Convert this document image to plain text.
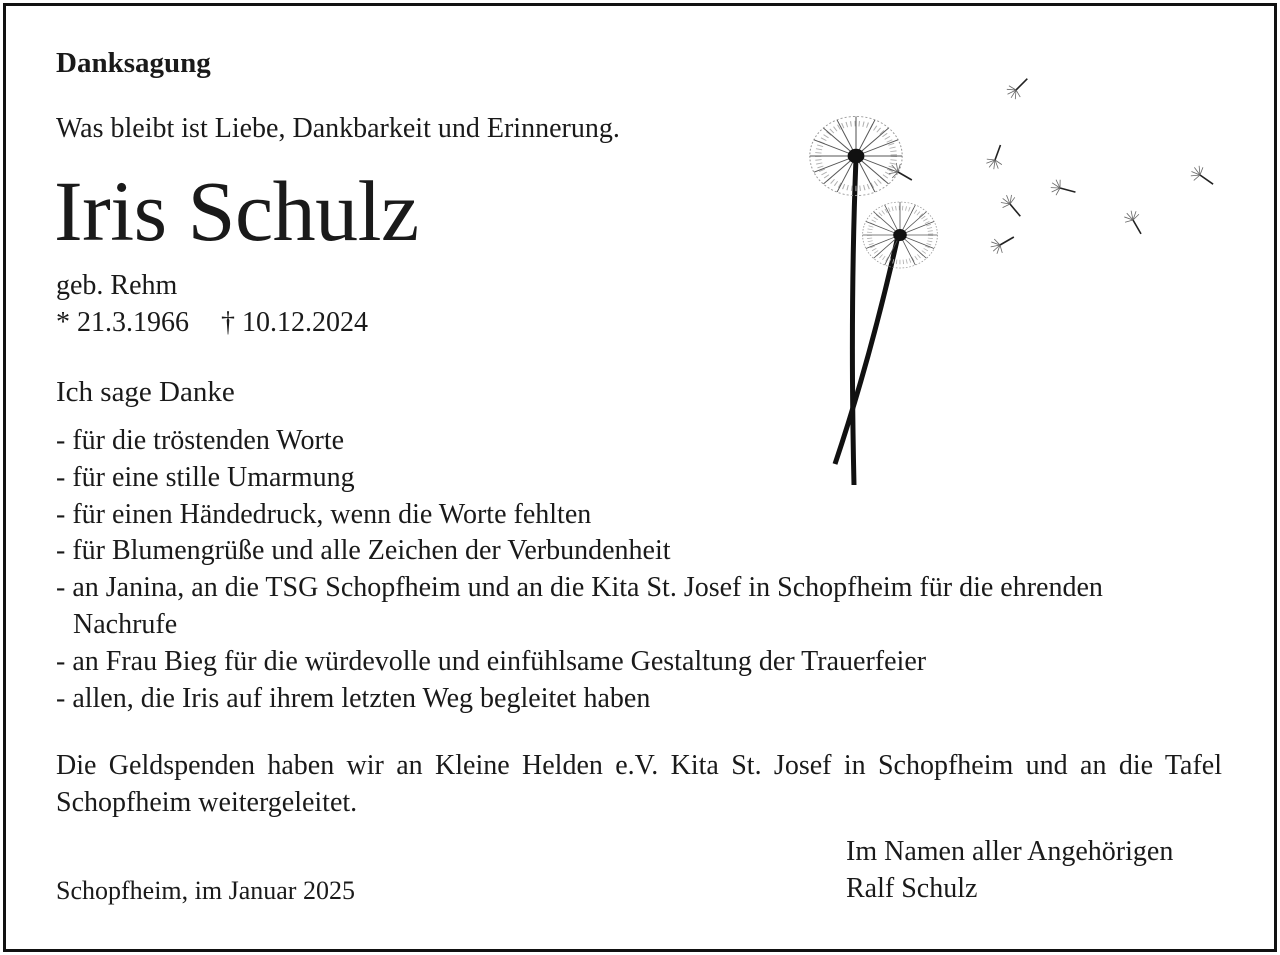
Danksagung
Was bleibt ist Liebe, Dankbarkeit und Erinnerung.
Iris Schulz
geb. Rehm
* 21.3.1966 † 10.12.2024
Ich sage Danke
- für die tröstenden Worte
- für eine stille Umarmung
- für einen Händedruck, wenn die Worte fehlten
- für Blumengrüße und alle Zeichen der Verbundenheit
- an Janina, an die TSG Schopfheim und an die Kita St. Josef in Schopfheim für die ehrenden Nachrufe
- an Frau Bieg für die würdevolle und einfühlsame Gestaltung der Trauerfeier
- allen, die Iris auf ihrem letzten Weg begleitet haben
Die Geldspenden haben wir an Kleine Helden e.V. Kita St. Josef in Schopfheim und an die Tafel Schopfheim weitergeleitet.
Im Namen aller Angehörigen
Ralf Schulz
Schopfheim, im Januar 2025
